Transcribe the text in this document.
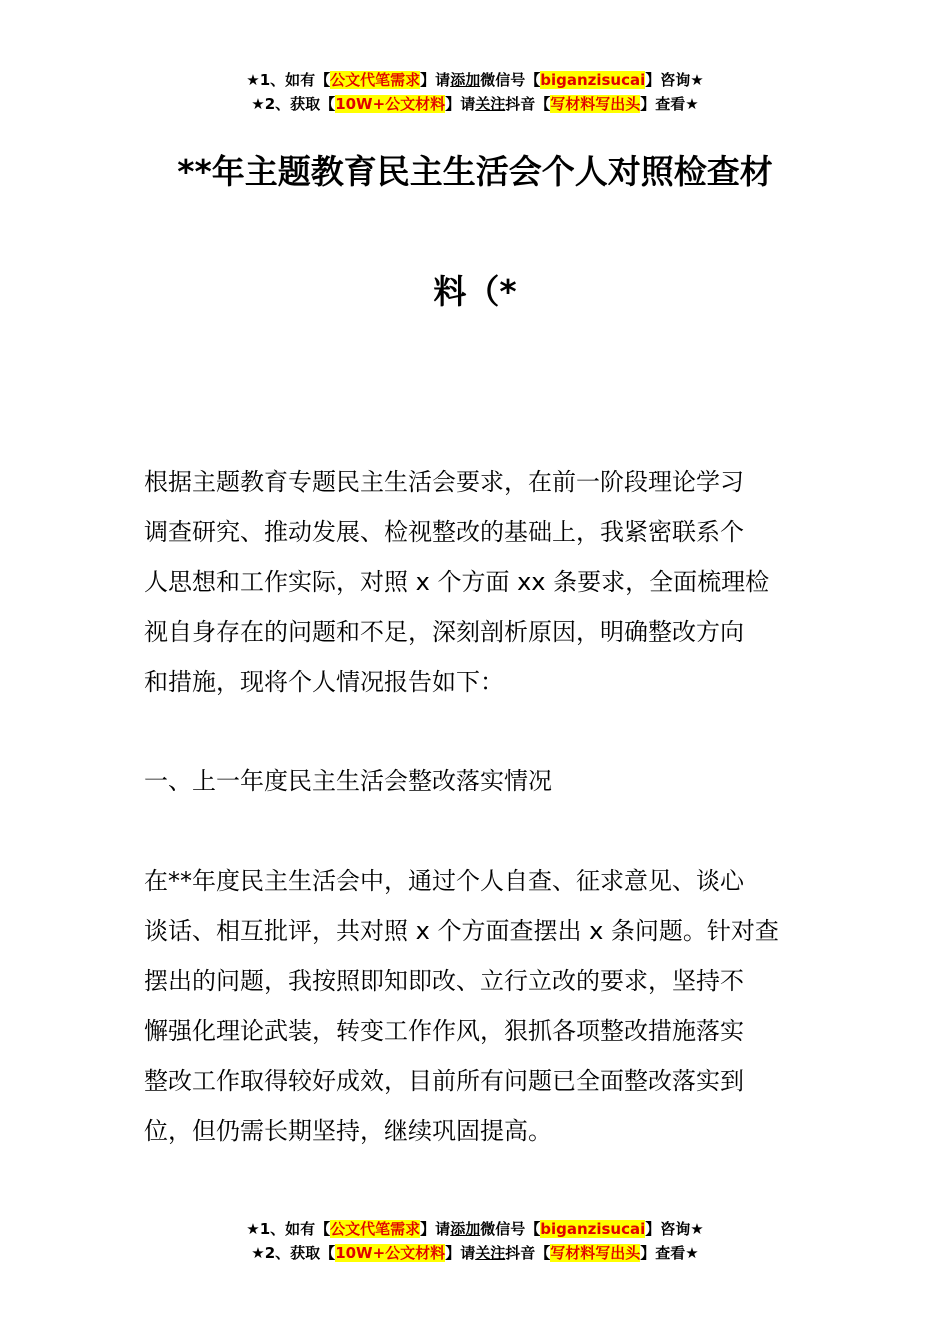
★1、如有【公文代笔需求】请添加微信号【biganzisucai】咨询★
★2、获取【10W+公文材料】请关注抖音【写材料写出头】查看★
**年主题教育民主生活会个人对照检查材
料（*

根据主题教育专题民主生活会要求，在前一阶段理论学习
调查研究、推动发展、检视整改的基础上，我紧密联系个
人思想和工作实际，对照 x 个方面 xx 条要求，全面梳理检
视自身存在的问题和不足，深刻剖析原因，明确整改方向
和措施，现将个人情况报告如下：

一、上一年度民主生活会整改落实情况

在**年度民主生活会中，通过个人自查、征求意见、谈心
谈话、相互批评，共对照 x 个方面查摆出 x 条问题。针对查
摆出的问题，我按照即知即改、立行立改的要求，坚持不
懈强化理论武装，转变工作作风，狠抓各项整改措施落实
整改工作取得较好成效，目前所有问题已全面整改落实到
位，但仍需长期坚持，继续巩固提高。

★1、如有【公文代笔需求】请添加微信号【biganzisucai】咨询★
★2、获取【10W+公文材料】请关注抖音【写材料写出头】查看★
